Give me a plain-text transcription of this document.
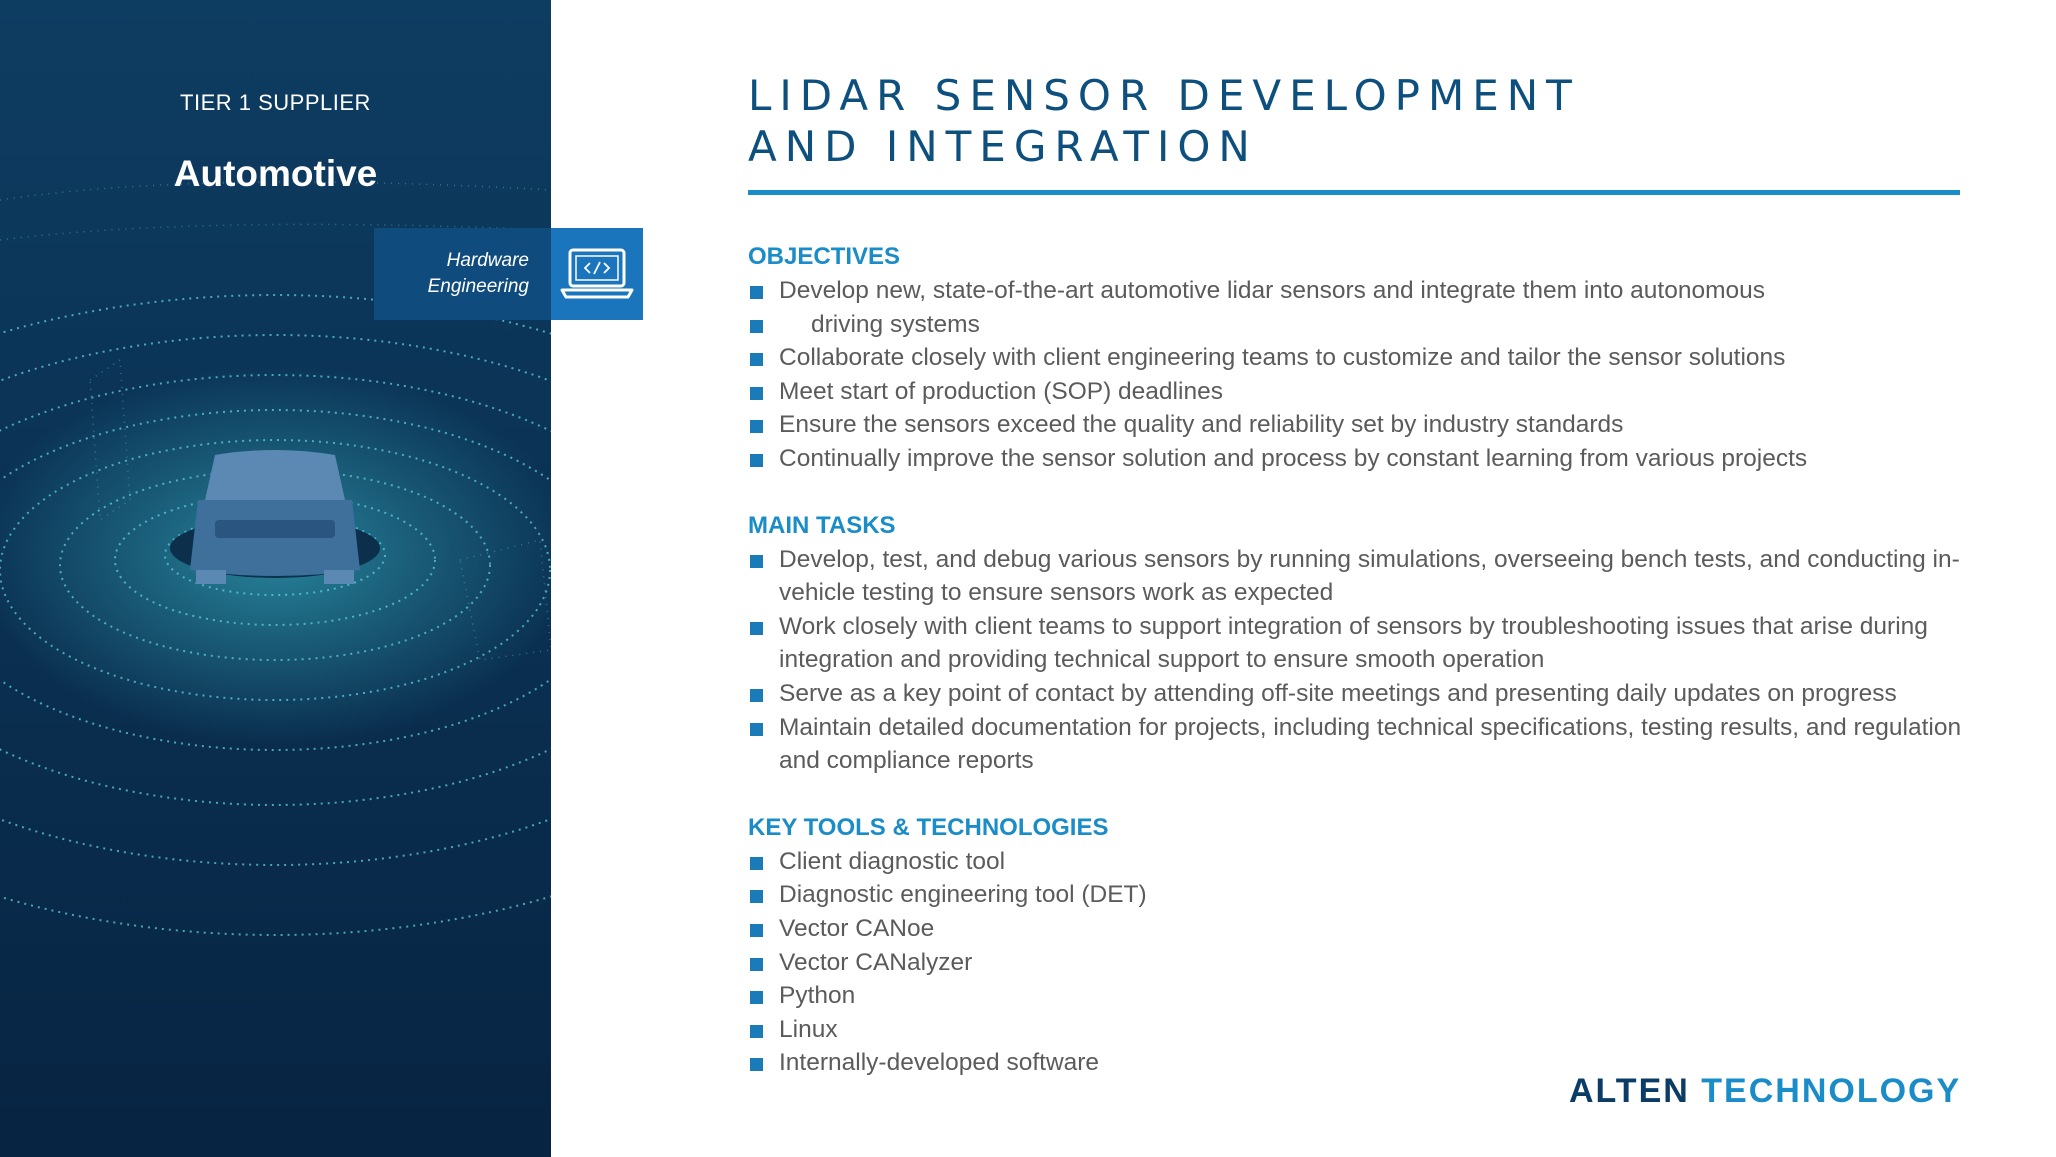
TIER 1 SUPPLIER
Automotive
Hardware
Engineering
LIDAR SENSOR DEVELOPMENT
AND INTEGRATION
OBJECTIVES
Develop new, state-of-the-art automotive lidar sensors and integrate them into autonomous
driving systems
Collaborate closely with client engineering teams to customize and tailor the sensor solutions
Meet start of production (SOP) deadlines
Ensure the sensors exceed the quality and reliability set by industry standards
Continually improve the sensor solution and process by constant learning from various projects
MAIN TASKS
Develop, test, and debug various sensors by running simulations, overseeing bench tests, and conducting in-vehicle testing to ensure sensors work as expected
Work closely with client teams to support integration of sensors by troubleshooting issues that arise during integration and providing technical support to ensure smooth operation
Serve as a key point of contact by attending off-site meetings and presenting daily updates on progress
Maintain detailed documentation for projects, including technical specifications, testing results, and regulation and compliance reports
KEY TOOLS & TECHNOLOGIES
Client diagnostic tool
Diagnostic engineering tool (DET)
Vector CANoe
Vector CANalyzer
Python
Linux
Internally-developed software
ALTEN TECHNOLOGY
